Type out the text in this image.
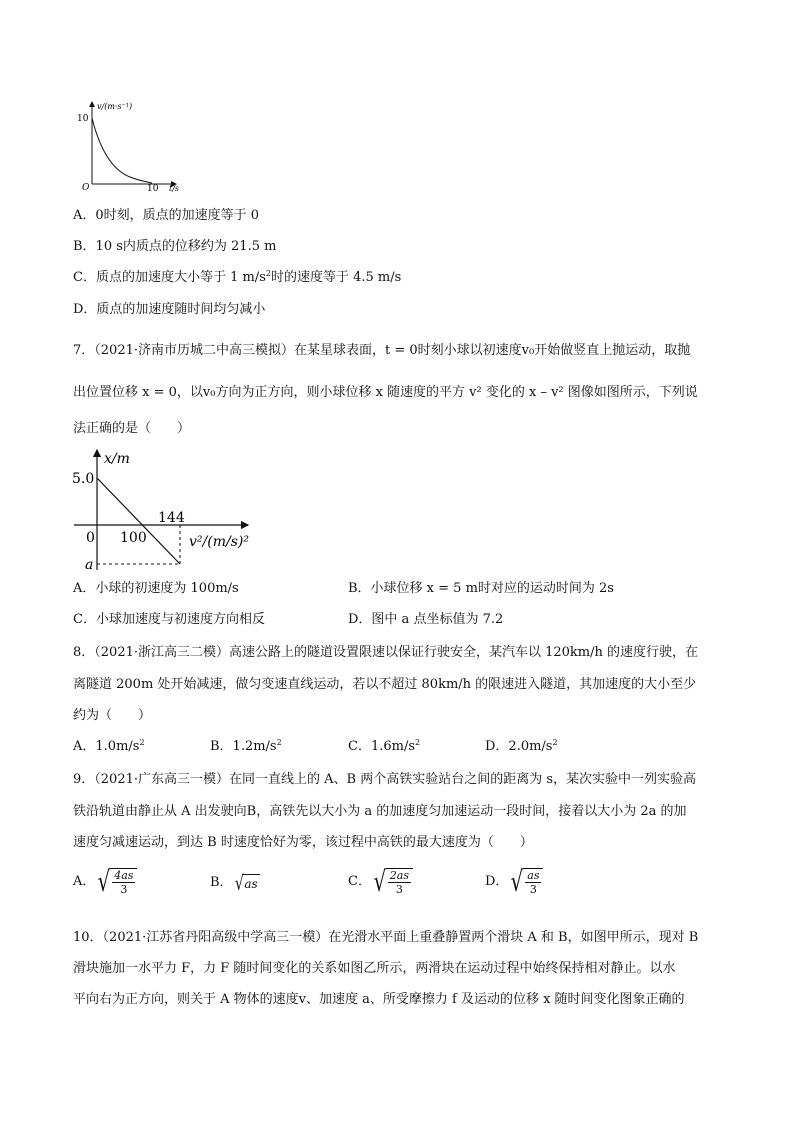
v/(m·s⁻¹)
10
10 t/s
O
A．0时刻，质点的加速度等于 0
B．10 s内质点的位移约为 21.5 m
C．质点的加速度大小等于 1 $m/s^2$时的速度等于 4.5 m/s
D．质点的加速度随时间均匀减小
7．（2021·济南市历城二中高三模拟）在某星球表面，t = 0时刻小球以初速度v₀开始做竖直上抛运动，取抛
出位置位移 x = 0，以v₀方向为正方向，则小球位移 x 随速度的平方 v² 变化的 x – v² 图像如图所示，下列说
法正确的是（　　）
x/m
5.0
0 100
144
v²/(m/s)²
a
A．小球的初速度为 100m/s	B．小球位移 x = 5 m时对应的运动时间为 2s
C．小球加速度与初速度方向相反	D．图中 a 点坐标值为 7.2
8．（2021·浙江高三二模）高速公路上的隧道设置限速以保证行驶安全，某汽车以 120km/h 的速度行驶，在
离隧道 200m 处开始减速，做匀变速直线运动，若以不超过 80km/h 的限速进入隧道，其加速度的大小至少
约为（　　）
A．$1.0m/s^2$	B．$1.2m/s^2$	C．$1.6m/s^2$	D．$2.0m/s^2$
9．（2021·广东高三一模）在同一直线上的 A、B 两个高铁实验站台之间的距离为 s，某次实验中一列实验高
铁沿轨道由静止从 A 出发驶向B，高铁先以大小为 a 的加速度匀加速运动一段时间，接着以大小为 2a 的加
速度匀减速运动，到达 B 时速度恰好为零，该过程中高铁的最大速度为（　　）
A． √ $\frac{4as}{3}$	B． √ as	C． √ $\frac{2as}{3}$	D． √ $\frac{as}{3}$
10．（2021·江苏省丹阳高级中学高三一模）在光滑水平面上重叠静置两个滑块 A 和 B，如图甲所示，现对 B
滑块施加一水平力 F，力 F 随时间变化的关系如图乙所示，两滑块在运动过程中始终保持相对静止。以水
平向右为正方向，则关于 A 物体的速度v、加速度 a、所受摩擦力 f 及运动的位移 x 随时间变化图象正确的
